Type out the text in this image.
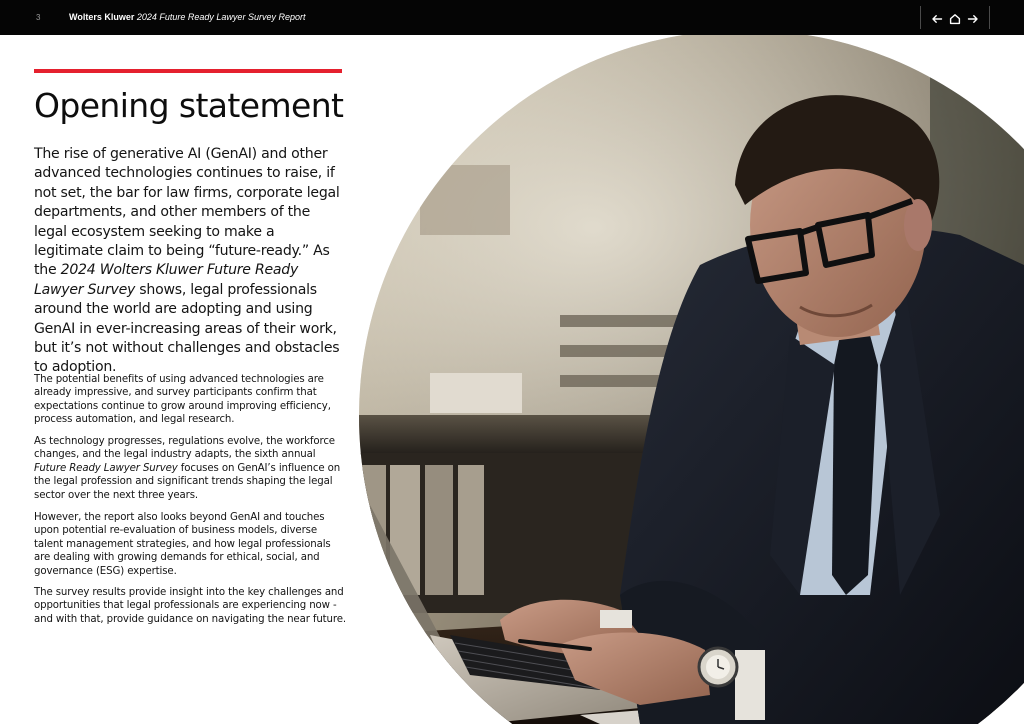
3	Wolters Kluwer 2024 Future Ready Lawyer Survey Report
Opening statement

The rise of generative AI (GenAI) and other advanced technologies continues to raise, if not set, the bar for law firms, corporate legal departments, and other members of the legal ecosystem seeking to make a legitimate claim to being “future-ready.” As the 2024 Wolters Kluwer Future Ready Lawyer Survey shows, legal professionals around the world are adopting and using GenAI in ever-increasing areas of their work, but it’s not without challenges and obstacles to adoption.

The potential benefits of using advanced technologies are already impressive, and survey participants confirm that expectations continue to grow around improving efficiency, process automation, and legal research.

As technology progresses, regulations evolve, the workforce changes, and the legal industry adapts, the sixth annual Future Ready Lawyer Survey focuses on GenAI’s influence on the legal profession and significant trends shaping the legal sector over the next three years.

However, the report also looks beyond GenAI and touches upon potential re-evaluation of business models, diverse talent management strategies, and how legal professionals are dealing with growing demands for ethical, social, and governance (ESG) expertise.

The survey results provide insight into the key challenges and opportunities that legal professionals are experiencing now - and with that, provide guidance on navigating the near future.
